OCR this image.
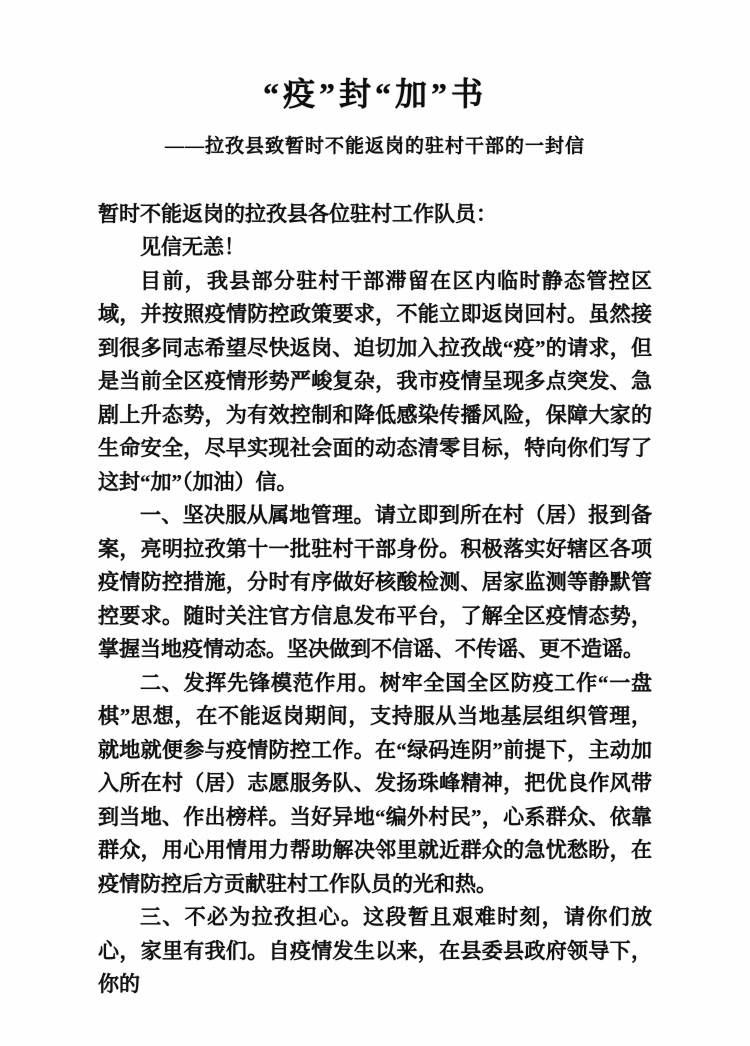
“疫”封“加”书
——拉孜县致暂时不能返岗的驻村干部的一封信

暂时不能返岗的拉孜县各位驻村工作队员：

见信无恙！

目前，我县部分驻村干部滞留在区内临时静态管控区域，并按照疫情防控政策要求，不能立即返岗回村。虽然接到很多同志希望尽快返岗、迫切加入拉孜战“疫”的请求，但是当前全区疫情形势严峻复杂，我市疫情呈现多点突发、急剧上升态势，为有效控制和降低感染传播风险，保障大家的生命安全，尽早实现社会面的动态清零目标，特向你们写了这封“加”（加油）信。

一、坚决服从属地管理。请立即到所在村（居）报到备案，亮明拉孜第十一批驻村干部身份。积极落实好辖区各项疫情防控措施，分时有序做好核酸检测、居家监测等静默管控要求。随时关注官方信息发布平台，了解全区疫情态势，掌握当地疫情动态。坚决做到不信谣、不传谣、更不造谣。

二、发挥先锋模范作用。树牢全国全区防疫工作“一盘棋”思想，在不能返岗期间，支持服从当地基层组织管理，就地就便参与疫情防控工作。在“绿码连阴”前提下，主动加入所在村（居）志愿服务队、发扬珠峰精神，把优良作风带到当地、作出榜样。当好异地“编外村民”，心系群众、依靠群众，用心用情用力帮助解决邻里就近群众的急忧愁盼，在疫情防控后方贡献驻村工作队员的光和热。

三、不必为拉孜担心。这段暂且艰难时刻，请你们放心，家里有我们。自疫情发生以来，在县委县政府领导下，你的
